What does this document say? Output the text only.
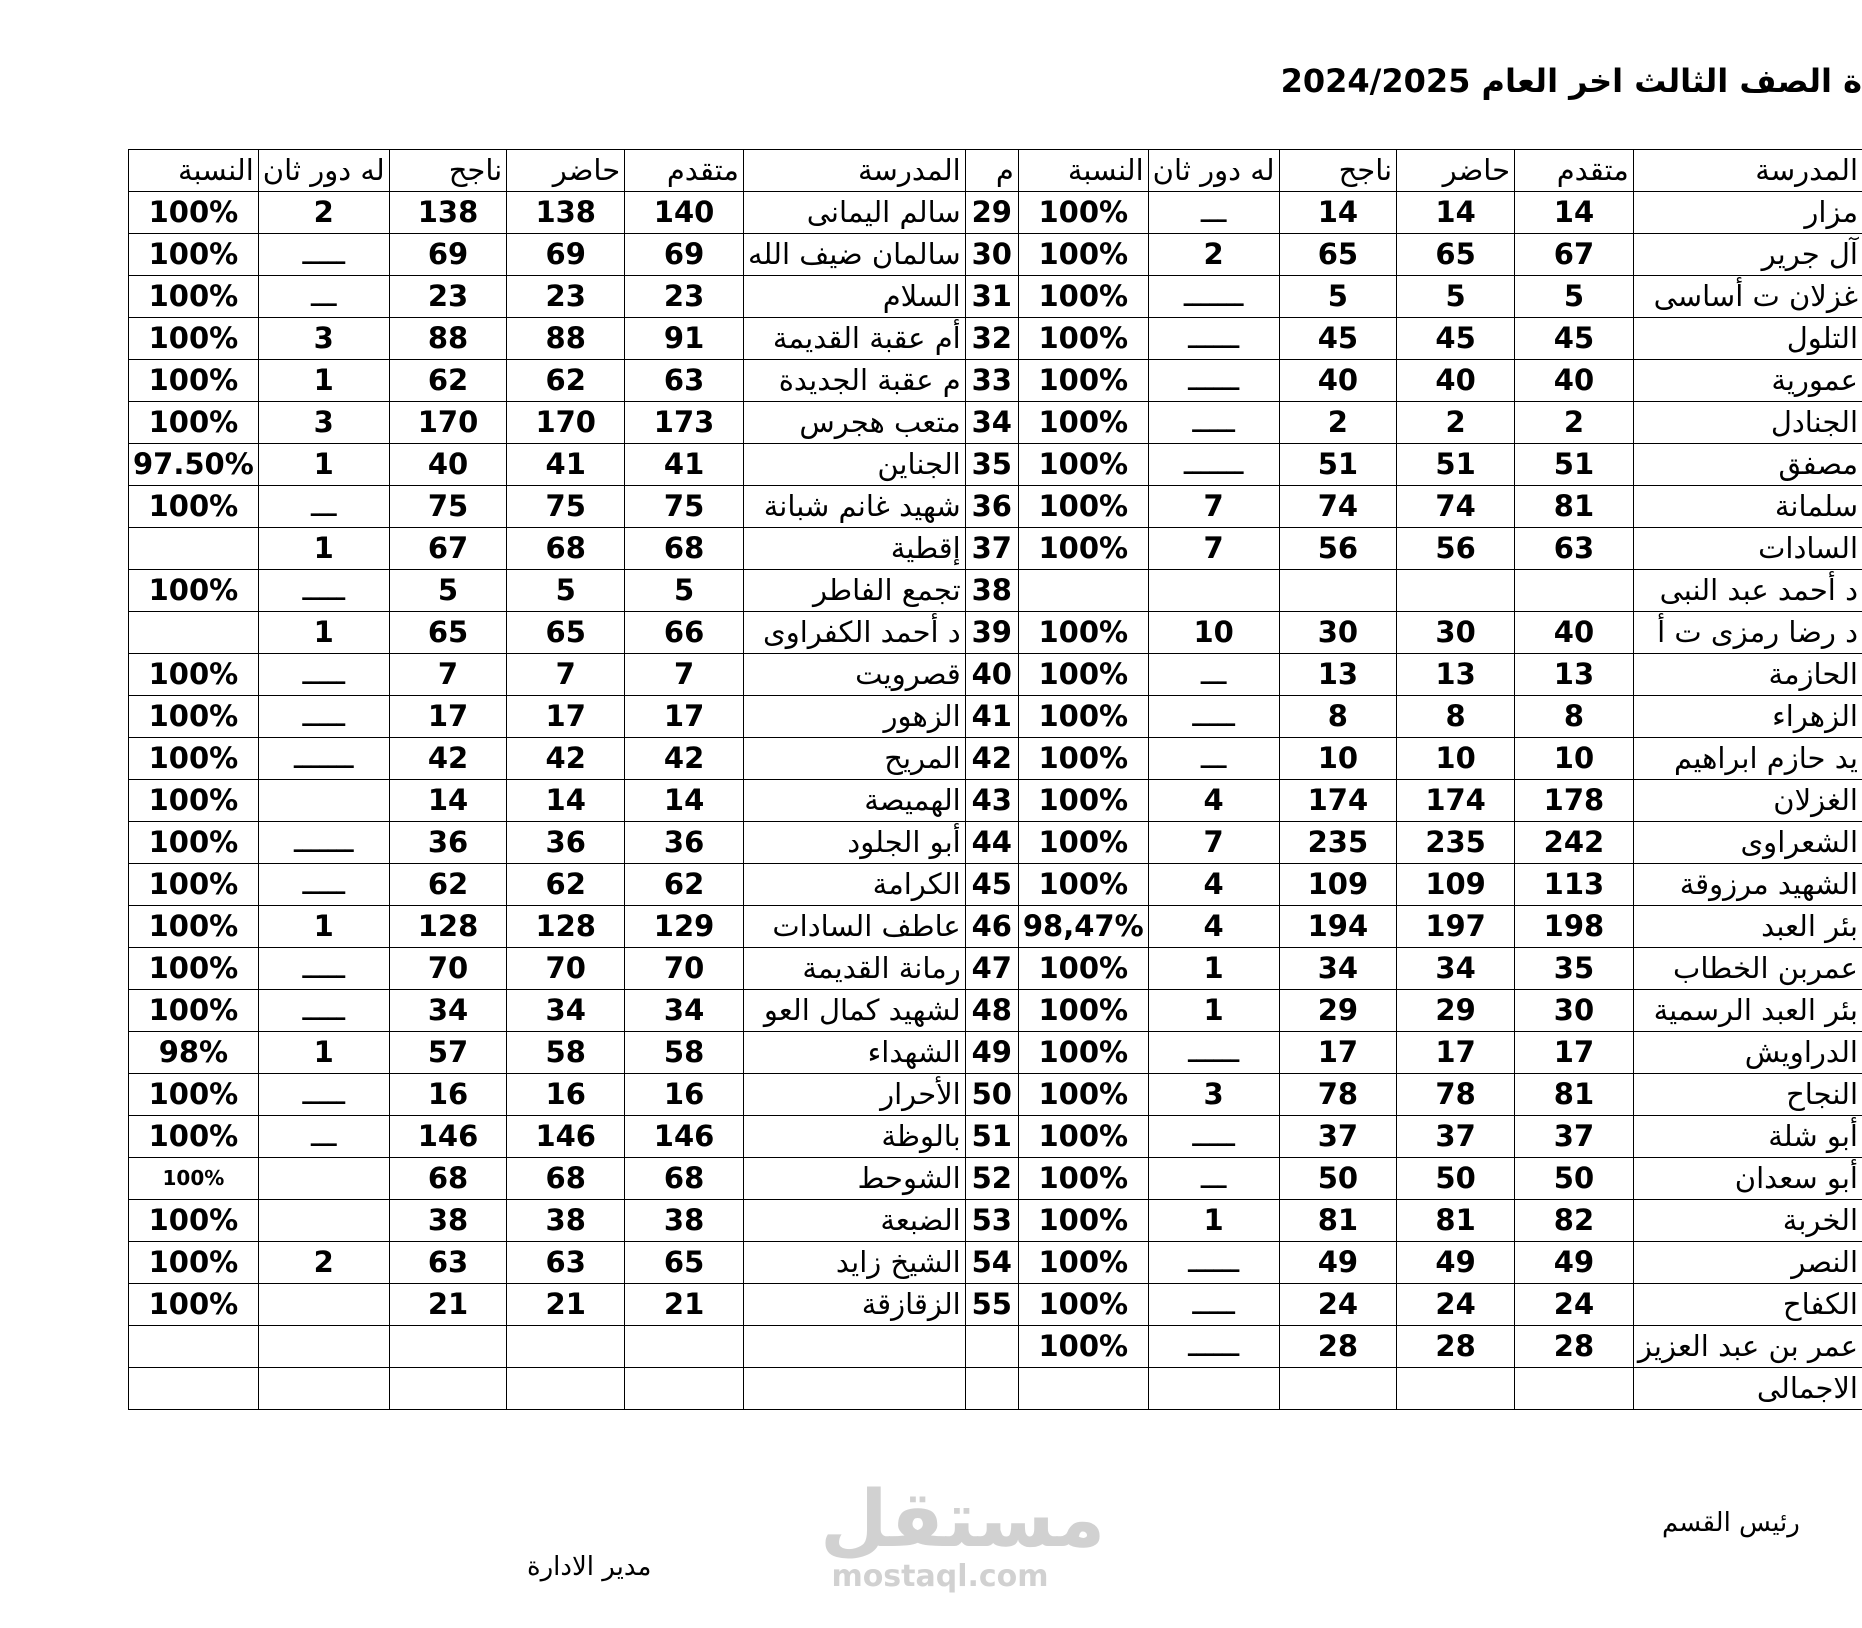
ة الصف الثالث اخر العام 2024/2025
النسبة	له دور ثان	ناجح	حاضر	متقدم	المدرسة	م	النسبة	له دور ثان	ناجح	حاضر	متقدم	المدرسة
100%	2	138	138	140	سالم اليمانى	29	100%	ـــ	14	14	14	مزار
100%	ـــــ	69	69	69	سالمان ضيف الله	30	100%	2	65	65	67	آل جرير
100%	ـــ	23	23	23	السلام	31	100%	ـــــــ	5	5	5	غزلان ت أساسى
100%	3	88	88	91	أم عقبة القديمة	32	100%	ــــــ	45	45	45	التلول
100%	1	62	62	63	م عقبة الجديدة	33	100%	ــــــ	40	40	40	عمورية
100%	3	170	170	173	متعب هجرس	34	100%	ـــــ	2	2	2	الجنادل
97.50%	1	40	41	41	الجناين	35	100%	ـــــــ	51	51	51	مصفق
100%	ـــ	75	75	75	شهيد غانم شبانة	36	100%	7	74	74	81	سلمانة
	1	67	68	68	إقطية	37	100%	7	56	56	63	السادات
100%	ـــــ	5	5	5	تجمع الفاطر	38						د أحمد عبد النبى
	1	65	65	66	د أحمد الكفراوى	39	100%	10	30	30	40	د رضا رمزى ت أ
100%	ـــــ	7	7	7	قصرويت	40	100%	ـــ	13	13	13	الحازمة
100%	ـــــ	17	17	17	الزهور	41	100%	ـــــ	8	8	8	الزهراء
100%	ـــــــ	42	42	42	المريح	42	100%	ـــ	10	10	10	يد حازم ابراهيم
100%		14	14	14	الهميصة	43	100%	4	174	174	178	الغزلان
100%	ـــــــ	36	36	36	أبو الجلود	44	100%	7	235	235	242	الشعراوى
100%	ـــــ	62	62	62	الكرامة	45	100%	4	109	109	113	الشهيد مرزوقة
100%	1	128	128	129	عاطف السادات	46	98,47%	4	194	197	198	بئر العبد
100%	ـــــ	70	70	70	رمانة القديمة	47	100%	1	34	34	35	عمربن الخطاب
100%	ـــــ	34	34	34	لشهيد كمال العو	48	100%	1	29	29	30	بئر العبد الرسمية
98%	1	57	58	58	الشهداء	49	100%	ــــــ	17	17	17	الدراويش
100%	ـــــ	16	16	16	الأحرار	50	100%	3	78	78	81	النجاح
100%	ـــ	146	146	146	بالوظة	51	100%	ـــــ	37	37	37	أبو شلة
100%		68	68	68	الشوحط	52	100%	ـــ	50	50	50	أبو سعدان
100%		38	38	38	الضبعة	53	100%	1	81	81	82	الخربة
100%	2	63	63	65	الشيخ زايد	54	100%	ــــــ	49	49	49	النصر
100%		21	21	21	الزقازقة	55	100%	ـــــ	24	24	24	الكفاح
							100%	ــــــ	28	28	28	عمر بن عبد العزيز
												الاجمالى
رئيس القسم
مدير الادارة
مستقل
mostaql.com
